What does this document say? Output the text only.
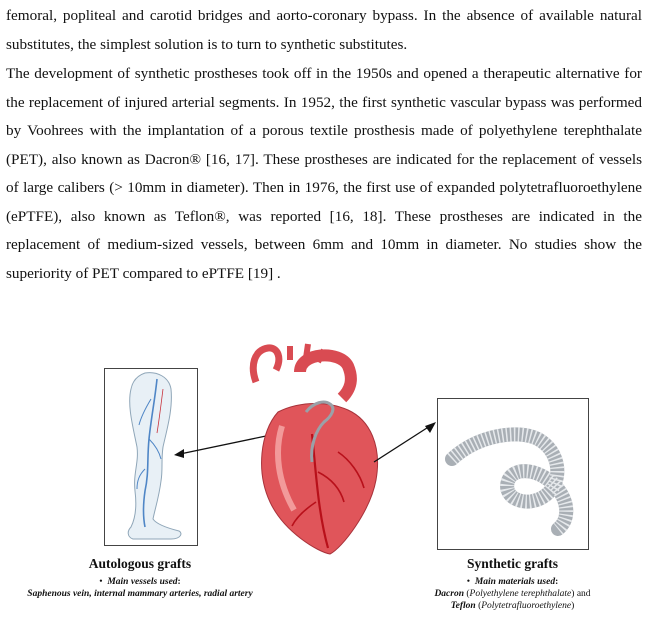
femoral, popliteal and carotid bridges and aorto-coronary bypass. In the absence of available natural substitutes, the simplest solution is to turn to synthetic substitutes.

The development of synthetic prostheses took off in the 1950s and opened a therapeutic alternative for the replacement of injured arterial segments. In 1952, the first synthetic vascular bypass was performed by Voohrees with the implantation of a porous textile prosthesis made of polyethylene terephthalate (PET), also known as Dacron® [16, 17]. These prostheses are indicated for the replacement of vessels of large calibers (> 10mm in diameter). Then in 1976, the first use of expanded polytetrafluoroethylene (ePTFE), also known as Teflon®, was reported [16, 18]. These prostheses are indicated in the replacement of medium-sized vessels, between 6mm and 10mm in diameter. No studies show the superiority of PET compared to ePTFE [19] .

Autologous grafts
• Main vessels used:
Saphenous vein, internal mammary arteries, radial artery
Synthetic grafts
• Main materials used:
Dacron (Polyethylene terephthalate) and
Teflon (Polytetrafluoroethylene)
